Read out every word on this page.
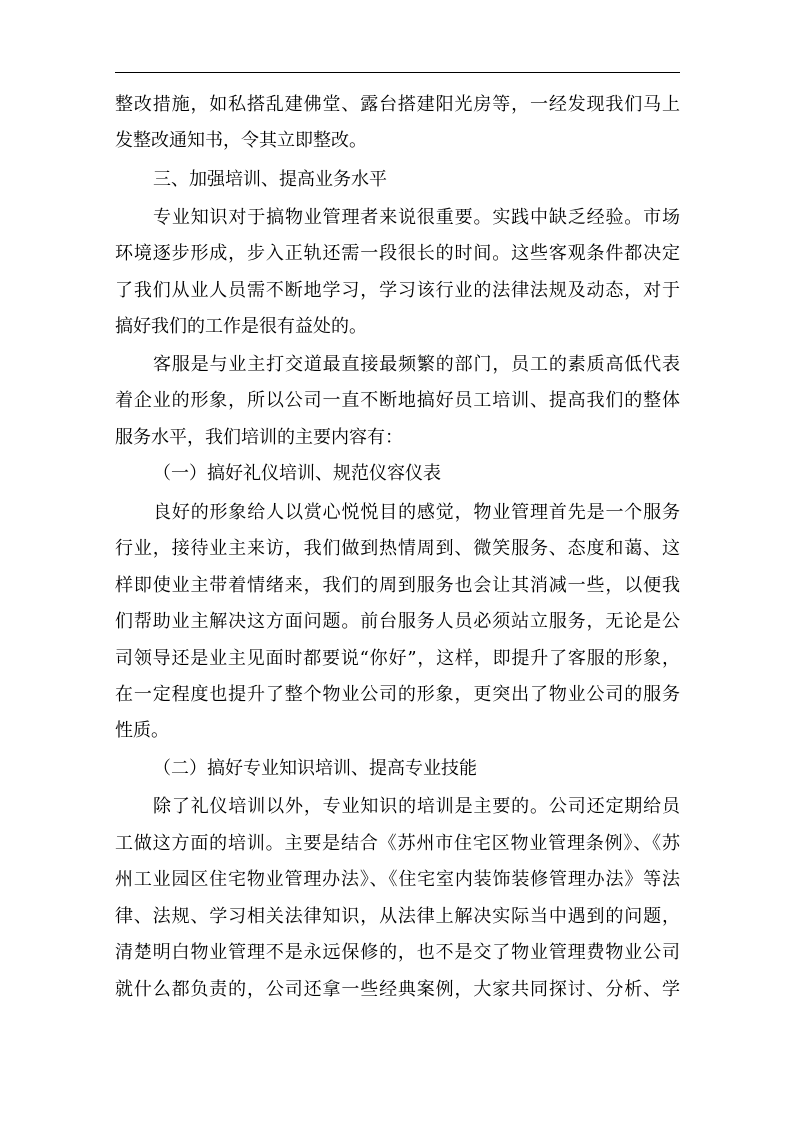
整改措施，如私搭乱建佛堂、露台搭建阳光房等，一经发现我们马上
发整改通知书，令其立即整改。
三、加强培训、提高业务水平
专业知识对于搞物业管理者来说很重要。实践中缺乏经验。市场
环境逐步形成，步入正轨还需一段很长的时间。这些客观条件都决定
了我们从业人员需不断地学习，学习该行业的法律法规及动态，对于
搞好我们的工作是很有益处的。
客服是与业主打交道最直接最频繁的部门，员工的素质高低代表
着企业的形象，所以公司一直不断地搞好员工培训、提高我们的整体
服务水平，我们培训的主要内容有：
（一）搞好礼仪培训、规范仪容仪表
良好的形象给人以赏心悦悦目的感觉，物业管理首先是一个服务
行业，接待业主来访，我们做到热情周到、微笑服务、态度和蔼、这
样即使业主带着情绪来，我们的周到服务也会让其消减一些，以便我
们帮助业主解决这方面问题。前台服务人员必须站立服务，无论是公
司领导还是业主见面时都要说“你好”，这样，即提升了客服的形象，
在一定程度也提升了整个物业公司的形象，更突出了物业公司的服务
性质。
（二）搞好专业知识培训、提高专业技能
除了礼仪培训以外，专业知识的培训是主要的。公司还定期给员
工做这方面的培训。主要是结合《苏州市住宅区物业管理条例》、《苏
州工业园区住宅物业管理办法》、《住宅室内装饰装修管理办法》等法
律、法规、学习相关法律知识，从法律上解决实际当中遇到的问题，
清楚明白物业管理不是永远保修的，也不是交了物业管理费物业公司
就什么都负责的，公司还拿一些经典案例，大家共同探讨、分析、学
